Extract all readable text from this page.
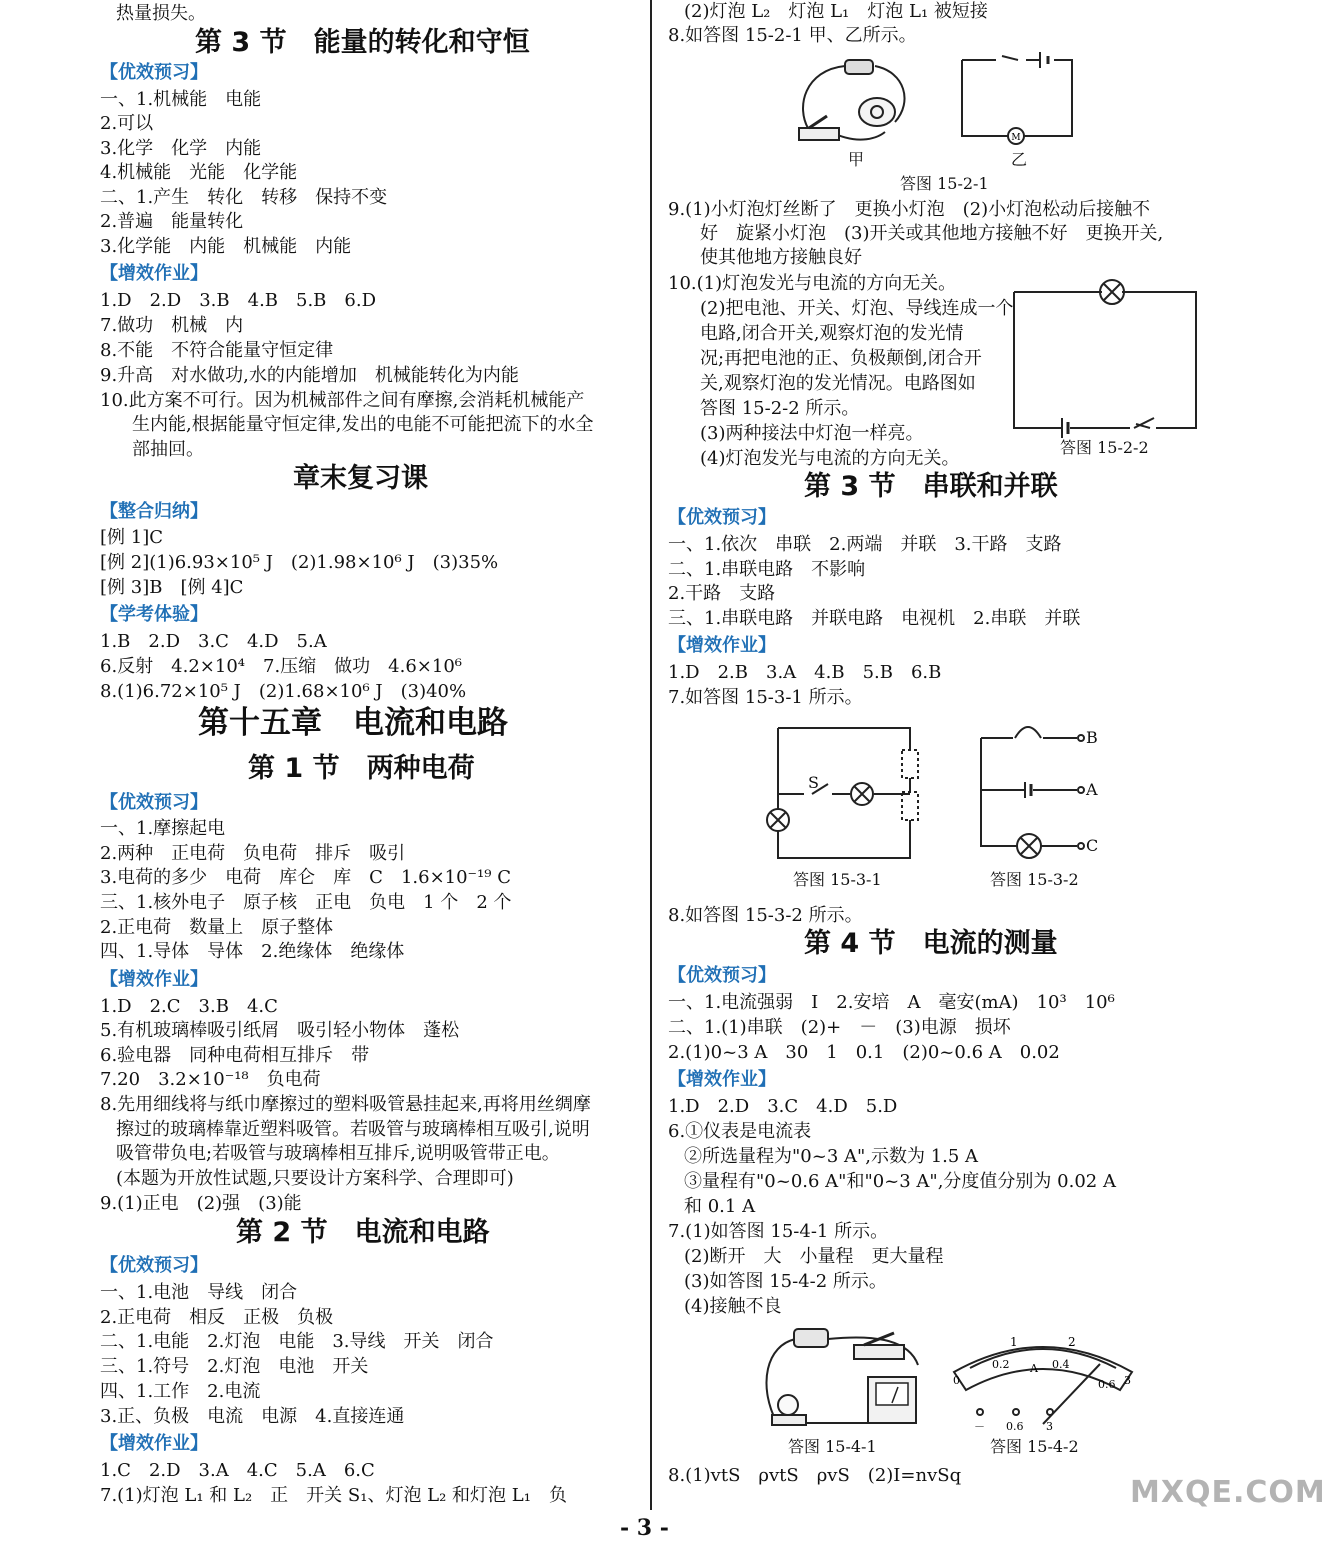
热量损失。
第 3 节　能量的转化和守恒
【优效预习】
一、1.机械能　电能
2.可以
3.化学　化学　内能
4.机械能　光能　化学能
二、1.产生　转化　转移　保持不变
2.普遍　能量转化
3.化学能　内能　机械能　内能
【增效作业】
1.D　2.D　3.B　4.B　5.B　6.D
7.做功　机械　内
8.不能　不符合能量守恒定律
9.升高　对水做功,水的内能增加　机械能转化为内能
10.此方案不可行。因为机械部件之间有摩擦,会消耗机械能产
生内能,根据能量守恒定律,发出的电能不可能把流下的水全
部抽回。
章末复习课
【整合归纳】
[例 1]C
[例 2](1)6.93×10⁵ J　(2)1.98×10⁶ J　(3)35%
[例 3]B　[例 4]C
【学考体验】
1.B　2.D　3.C　4.D　5.A
6.反射　4.2×10⁴　7.压缩　做功　4.6×10⁶
8.(1)6.72×10⁵ J　(2)1.68×10⁶ J　(3)40%
第十五章　电流和电路
第 1 节　两种电荷
【优效预习】
一、1.摩擦起电
2.两种　正电荷　负电荷　排斥　吸引
3.电荷的多少　电荷　库仑　库　C　1.6×10⁻¹⁹ C
三、1.核外电子　原子核　正电　负电　1 个　2 个
2.正电荷　数量上　原子整体
四、1.导体　导体　2.绝缘体　绝缘体
【增效作业】
1.D　2.C　3.B　4.C
5.有机玻璃棒吸引纸屑　吸引轻小物体　蓬松
6.验电器　同种电荷相互排斥　带
7.20　3.2×10⁻¹⁸　负电荷
8.先用细线将与纸巾摩擦过的塑料吸管悬挂起来,再将用丝绸摩
擦过的玻璃棒靠近塑料吸管。若吸管与玻璃棒相互吸引,说明
吸管带负电;若吸管与玻璃棒相互排斥,说明吸管带正电。
(本题为开放性试题,只要设计方案科学、合理即可)
9.(1)正电　(2)强　(3)能
第 2 节　电流和电路
【优效预习】
一、1.电池　导线　闭合
2.正电荷　相反　正极　负极
二、1.电能　2.灯泡　电能　3.导线　开关　闭合
三、1.符号　2.灯泡　电池　开关
四、1.工作　2.电流
3.正、负极　电流　电源　4.直接连通
【增效作业】
1.C　2.D　3.A　4.C　5.A　6.C
7.(1)灯泡 L₁ 和 L₂　正　开关 S₁、灯泡 L₂ 和灯泡 L₁　负
(2)灯泡 L₂　灯泡 L₁　灯泡 L₁ 被短接
8.如答图 15-2-1 甲、乙所示。
甲
M
乙
答图 15-2-1
9.(1)小灯泡灯丝断了　更换小灯泡　(2)小灯泡松动后接触不
好　旋紧小灯泡　(3)开关或其他地方接触不好　更换开关,
使其他地方接触良好
10.(1)灯泡发光与电流的方向无关。
(2)把电池、开关、灯泡、导线连成一个
电路,闭合开关,观察灯泡的发光情
况;再把电池的正、负极颠倒,闭合开
关,观察灯泡的发光情况。电路图如
答图 15-2-2 所示。
(3)两种接法中灯泡一样亮。
(4)灯泡发光与电流的方向无关。
答图 15-2-2
第 3 节　串联和并联
【优效预习】
一、1.依次　串联　2.两端　并联　3.干路　支路
二、1.串联电路　不影响
2.干路　支路
三、1.串联电路　并联电路　电视机　2.串联　并联
【增效作业】
1.D　2.B　3.A　4.B　5.B　6.B
7.如答图 15-3-1 所示。
S
答图 15-3-1
B
A
C
答图 15-3-2
8.如答图 15-3-2 所示。
第 4 节　电流的测量
【优效预习】
一、1.电流强弱　I　2.安培　A　毫安(mA)　10³　10⁶
二、1.(1)串联　(2)+　－　(3)电源　损坏
2.(1)0~3 A　30　1　0.1　(2)0~0.6 A　0.02
【增效作业】
1.D　2.D　3.C　4.D　5.D
6.①仪表是电流表
②所选量程为"0~3 A",示数为 1.5 A
③量程有"0~0.6 A"和"0~3 A",分度值分别为 0.02 A
和 0.1 A
7.(1)如答图 15-4-1 所示。
(2)断开　大　小量程　更大量程
(3)如答图 15-4-2 所示。
(4)接触不良
答图 15-4-1
1	2
0	3
0.2 A 0.4
0.6
－ 0.6 3
答图 15-4-2
8.(1)vtS　ρvtS　ρvS　(2)I=nvSq
- 3 -
MXQE.COM
